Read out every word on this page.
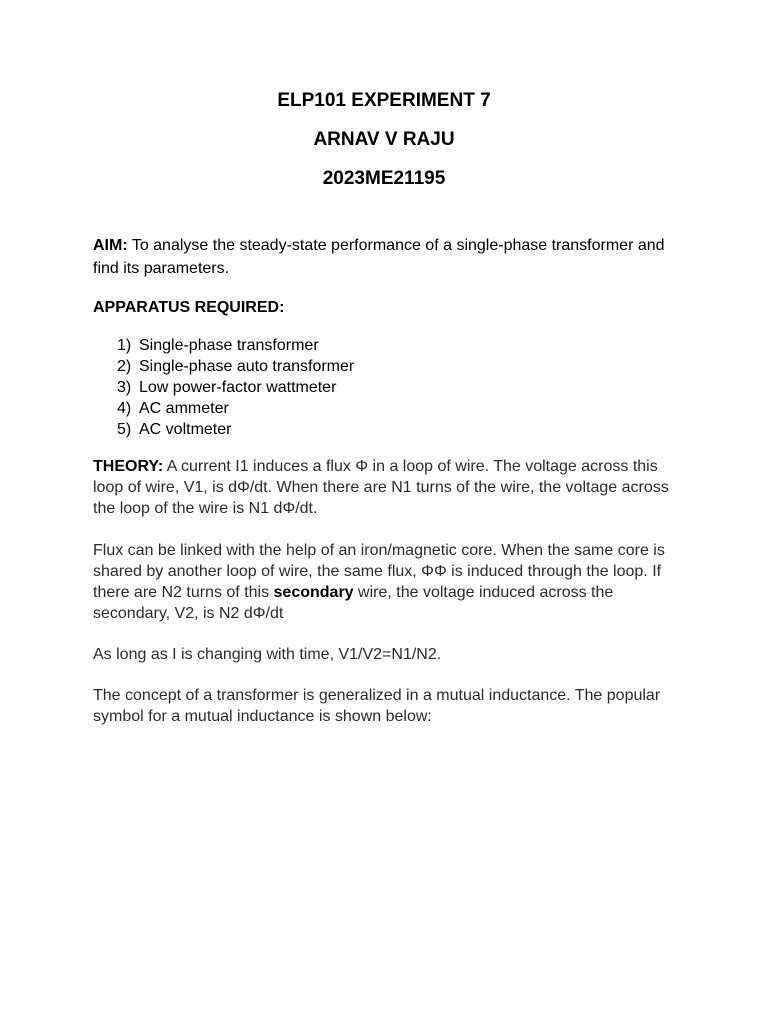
ELP101 EXPERIMENT 7
ARNAV V RAJU
2023ME21195
AIM: To analyse the steady-state performance of a single-phase transformer and find its parameters.
APPARATUS REQUIRED:
1) Single-phase transformer
2) Single-phase auto transformer
3) Low power-factor wattmeter
4) AC ammeter
5) AC voltmeter
THEORY: A current I1 induces a flux Φ in a loop of wire. The voltage across this loop of wire, V1, is dΦ/dt. When there are N1 turns of the wire, the voltage across the loop of the wire is N1 dΦ/dt.
Flux can be linked with the help of an iron/magnetic core. When the same core is shared by another loop of wire, the same flux, ΦΦ is induced through the loop. If there are N2 turns of this secondary wire, the voltage induced across the secondary, V2, is N2 dΦ/dt
As long as I is changing with time, V1/V2=N1/N2.
The concept of a transformer is generalized in a mutual inductance. The popular symbol for a mutual inductance is shown below:
